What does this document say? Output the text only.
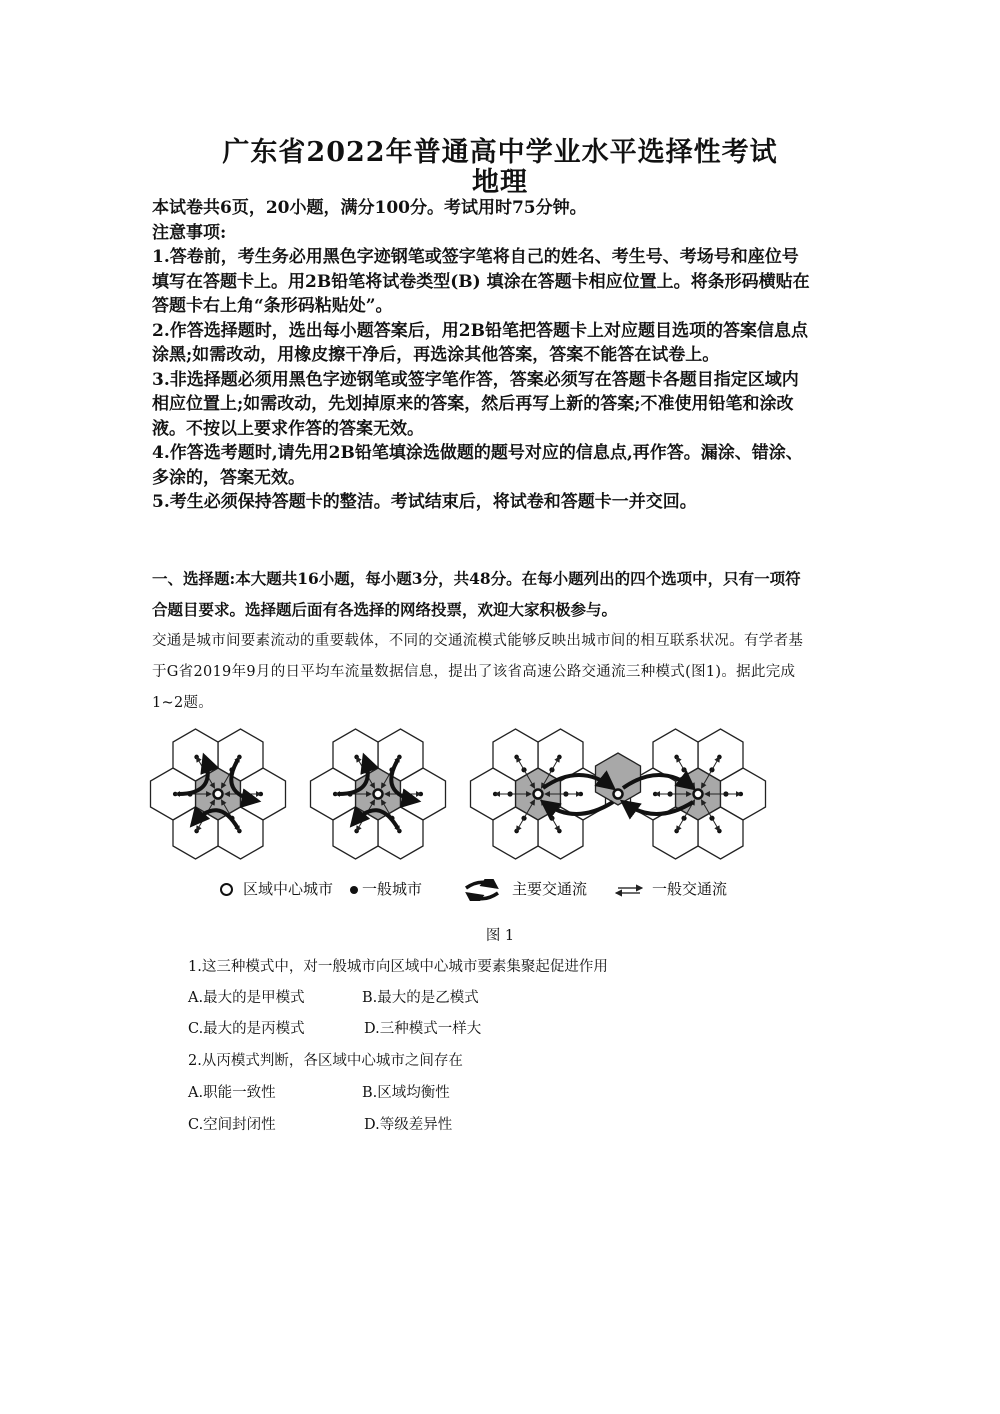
广东省2022年普通高中学业水平选择性考试
地理

本试卷共6页，20小题，满分100分。考试用时75分钟。

注意事项:

1.答卷前，考生务必用黑色字迹钢笔或签字笔将自己的姓名、考生号、考场号和座位号填写在答题卡上。用2B铅笔将试卷类型(B) 填涂在答题卡相应位置上。将条形码横贴在答题卡右上角“条形码粘贴处”。

2.作答选择题时，选出每小题答案后，用2B铅笔把答题卡上对应题目选项的答案信息点涂黑;如需改动，用橡皮擦干净后，再选涂其他答案，答案不能答在试卷上。

3.非选择题必须用黑色字迹钢笔或签字笔作答，答案必须写在答题卡各题目指定区域内相应位置上;如需改动，先划掉原来的答案，然后再写上新的答案;不准使用铅笔和涂改液。不按以上要求作答的答案无效。

4.作答选考题时,请先用2B铅笔填涂选做题的题号对应的信息点,再作答。漏涂、错涂、多涂的，答案无效。

5.考生必须保持答题卡的整洁。考试结束后，将试卷和答题卡一并交回。

一、选择题:本大题共16小题，每小题3分，共48分。在每小题列出的四个选项中，只有一项符合题目要求。选择题后面有各选择的网络投票，欢迎大家积极参与。

交通是城市间要素流动的重要载体，不同的交通流模式能够反映出城市间的相互联系状况。有学者基于G省2019年9月的日平均车流量数据信息，提出了该省高速公路交通流三种模式(图1)。据此完成1~2题。

区域中心城市	一般城市	主要交通流	一般交通流
图 1
1.这三种模式中，对一般城市向区域中心城市要素集聚起促进作用
A.最大的是甲模式	B.最大的是乙模式
C.最大的是丙模式	D.三种模式一样大
2.从丙模式判断，各区域中心城市之间存在
A.职能一致性	B.区域均衡性
C.空间封闭性	D.等级差异性
